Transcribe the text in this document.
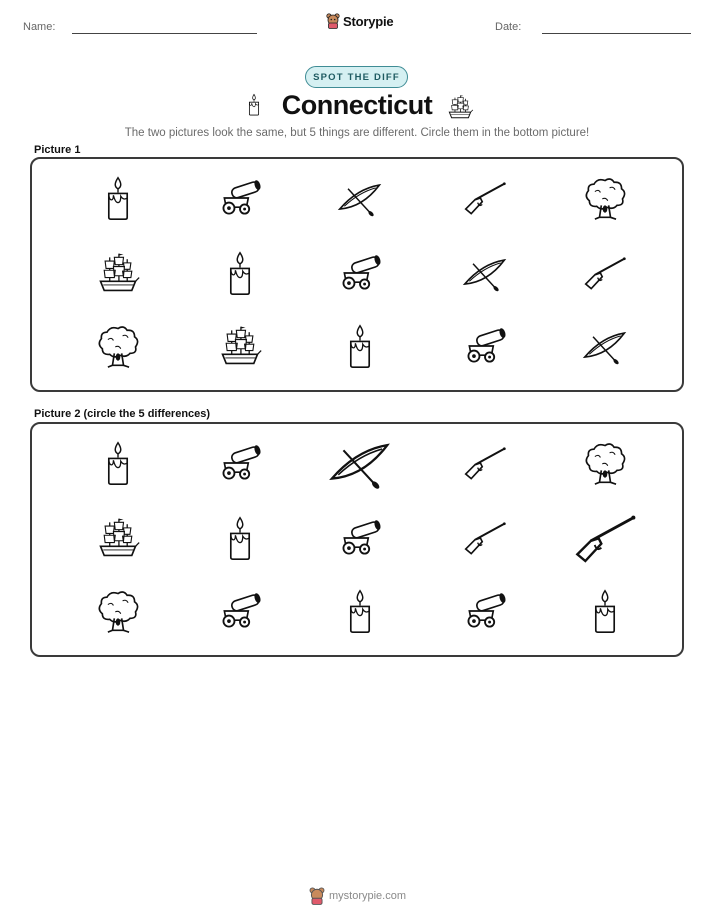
Name:	Storypie	Date:
SPOT THE DIFF
Connecticut
The two pictures look the same, but 5 things are different. Circle them in the bottom picture!
Picture 1
Picture 2 (circle the 5 differences)
mystorypie.com
